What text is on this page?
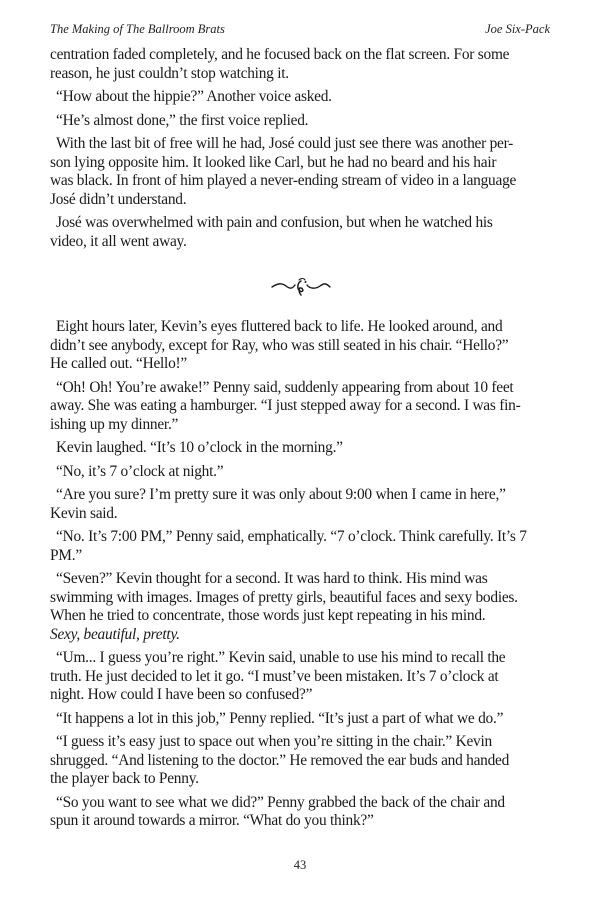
The Making of The Ballroom Brats	Joe Six-Pack

centration faded completely, and he focused back on the flat screen. For some
reason, he just couldn’t stop watching it.

“How about the hippie?” Another voice asked.

“He’s almost done,” the first voice replied.

With the last bit of free will he had, José could just see there was another per-
son lying opposite him. It looked like Carl, but he had no beard and his hair
was black. In front of him played a never-ending stream of video in a language
José didn’t understand.

José was overwhelmed with pain and confusion, but when he watched his
video, it all went away.

Eight hours later, Kevin’s eyes fluttered back to life. He looked around, and
didn’t see anybody, except for Ray, who was still seated in his chair. “Hello?”
He called out. “Hello!”

“Oh! Oh! You’re awake!” Penny said, suddenly appearing from about 10 feet
away. She was eating a hamburger. “I just stepped away for a second. I was fin-
ishing up my dinner.”

Kevin laughed. “It’s 10 o’clock in the morning.”

“No, it’s 7 o’clock at night.”

“Are you sure? I’m pretty sure it was only about 9:00 when I came in here,”
Kevin said.

“No. It’s 7:00 PM,” Penny said, emphatically. “7 o’clock. Think carefully. It’s 7
PM.”

“Seven?” Kevin thought for a second. It was hard to think. His mind was
swimming with images. Images of pretty girls, beautiful faces and sexy bodies.
When he tried to concentrate, those words just kept repeating in his mind.
Sexy, beautiful, pretty.

“Um... I guess you’re right.” Kevin said, unable to use his mind to recall the
truth. He just decided to let it go. “I must’ve been mistaken. It’s 7 o’clock at
night. How could I have been so confused?”

“It happens a lot in this job,” Penny replied. “It’s just a part of what we do.”

“I guess it’s easy just to space out when you’re sitting in the chair.” Kevin
shrugged. “And listening to the doctor.” He removed the ear buds and handed
the player back to Penny.

“So you want to see what we did?” Penny grabbed the back of the chair and
spun it around towards a mirror. “What do you think?”

43
